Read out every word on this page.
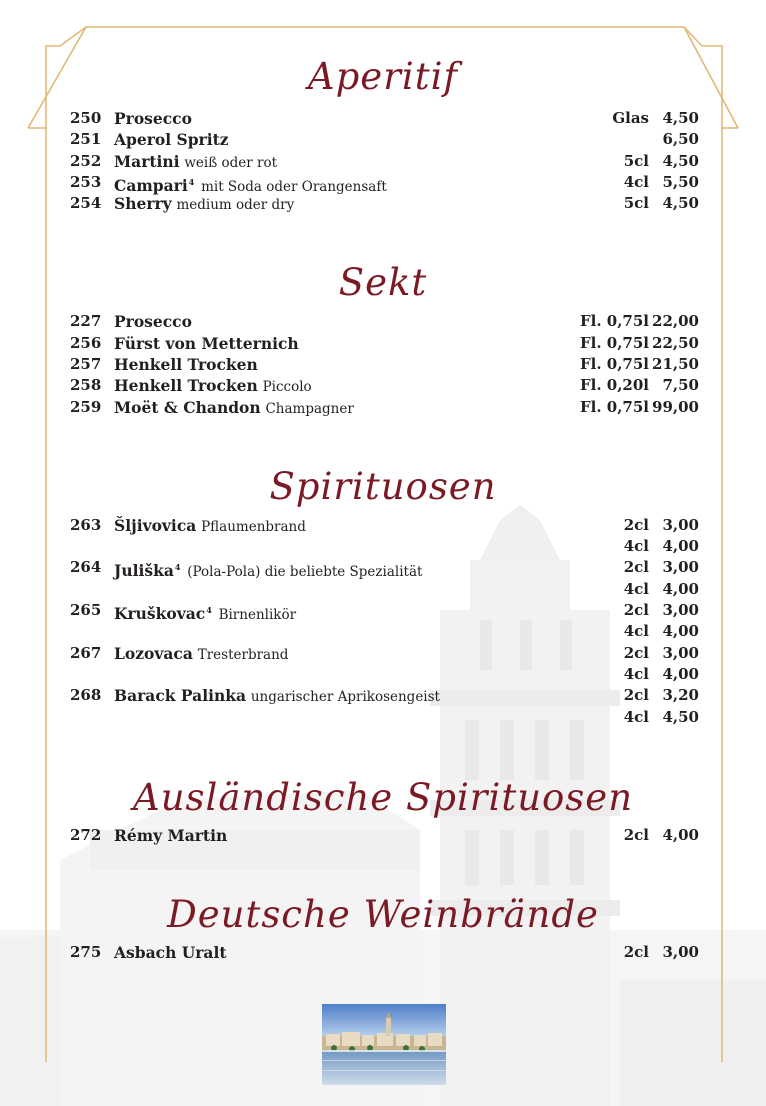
Aperitif
250 Prosecco	Glas 4,50
251 Aperol Spritz	6,50
252 Martini weiß oder rot	5cl 4,50
253 Campari$^4$ mit Soda oder Orangensaft	4cl 5,50
254 Sherry medium oder dry	5cl 4,50
Sekt
227 Prosecco	Fl. 0,75l 22,00
256 Fürst von Metternich	Fl. 0,75l 22,50
257 Henkell Trocken	Fl. 0,75l 21,50
258 Henkell Trocken Piccolo	Fl. 0,20l 7,50
259 Moët & Chandon Champagner	Fl. 0,75l 99,00
Spirituosen
263 Šljivovica Pflaumenbrand	2cl 3,00
4cl 4,00
264 Juliška$^4$ (Pola-Pola) die beliebte Spezialität	2cl 3,00
4cl 4,00
265 Kruškovac$^4$ Birnenlikör	2cl 3,00
4cl 4,00
267 Lozovaca Tresterbrand	2cl 3,00
4cl 4,00
268 Barack Palinka ungarischer Aprikosengeist	2cl 3,20
4cl 4,50
Ausländische Spirituosen
272 Rémy Martin	2cl 4,00
Deutsche Weinbrände
275 Asbach Uralt	2cl 3,00
